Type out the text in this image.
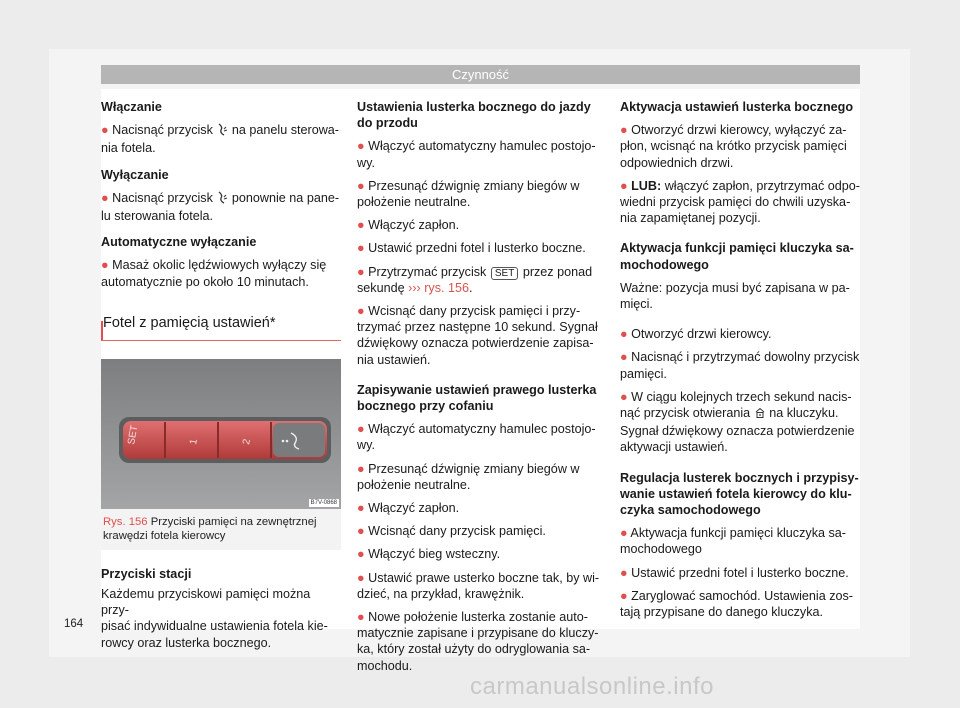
Czynność

Włączanie

● Nacisnąć przycisk na panelu sterowa-
nia fotela.

Wyłączanie

● Nacisnąć przycisk ponownie na pane-
lu sterowania fotela.

Automatyczne wyłączanie

● Masaż okolic lędźwiowych wyłączy się
automatycznie po około 10 minutach.

Fotel z pamięcią ustawień*

SET	1	2
B7V-0868
Rys. 156 Przyciski pamięci na zewnętrznej
krawędzi fotela kierowcy

Przyciski stacji

Każdemu przyciskowi pamięci można przy-
pisać indywidualne ustawienia fotela kie-
rowcy oraz lusterka bocznego.

Ustawienia lusterka bocznego do jazdy
do przodu

● Włączyć automatyczny hamulec postojo-
wy.

● Przesunąć dźwignię zmiany biegów w
położenie neutralne.

● Włączyć zapłon.

● Ustawić przedni fotel i lusterko boczne.

● Przytrzymać przycisk SET przez ponad
sekundę ››› rys. 156.

● Wcisnąć dany przycisk pamięci i przy-
trzymać przez następne 10 sekund. Sygnał
dźwiękowy oznacza potwierdzenie zapisa-
nia ustawień.

Zapisywanie ustawień prawego lusterka
bocznego przy cofaniu

● Włączyć automatyczny hamulec postojo-
wy.

● Przesunąć dźwignię zmiany biegów w
położenie neutralne.

● Włączyć zapłon.

● Wcisnąć dany przycisk pamięci.

● Włączyć bieg wsteczny.

● Ustawić prawe usterko boczne tak, by wi-
dzieć, na przykład, krawężnik.

● Nowe położenie lusterka zostanie auto-
matycznie zapisane i przypisane do kluczy-
ka, który został użyty do odryglowania sa-
mochodu.

Aktywacja ustawień lusterka bocznego

● Otworzyć drzwi kierowcy, wyłączyć za-
płon, wcisnąć na krótko przycisk pamięci
odpowiednich drzwi.

● LUB: włączyć zapłon, przytrzymać odpo-
wiedni przycisk pamięci do chwili uzyska-
nia zapamiętanej pozycji.

Aktywacja funkcji pamięci kluczyka sa-
mochodowego

Ważne: pozycja musi być zapisana w pa-
mięci.

● Otworzyć drzwi kierowcy.

● Nacisnąć i przytrzymać dowolny przycisk
pamięci.

● W ciągu kolejnych trzech sekund nacis-
nąć przycisk otwierania na kluczyku.
Sygnał dźwiękowy oznacza potwierdzenie
aktywacji ustawień.

Regulacja lusterek bocznych i przypisy-
wanie ustawień fotela kierowcy do klu-
czyka samochodowego

● Aktywacja funkcji pamięci kluczyka sa-
mochodowego

● Ustawić przedni fotel i lusterko boczne.

● Zaryglować samochód. Ustawienia zos-
tają przypisane do danego kluczyka.

164
carmanualsonline.info
